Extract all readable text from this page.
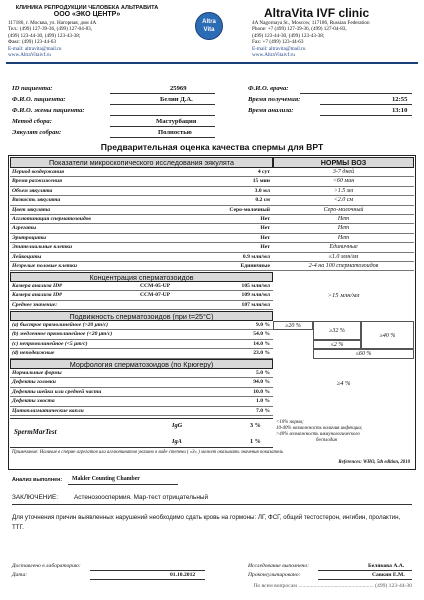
КЛИНИКА РЕПРОДУКЦИИ ЧЕЛОВЕКА АЛЬТРАВИТА
ООО «ЭКО ЦЕНТР»
117186, г. Москва, ул. Нагорная, дом 4А
Тел.: (499) 127-39-36, (499) 127-04-83,
(499) 123-44-30, (499) 123-43-38;
Факс: (499) 123-44-63
E-mail: altravita@mail.ru
www.AltraVitaivf.ru
Altra
Vita
AltraVita IVF clinic
4A Nagornaya St., Moscow, 117186, Russian Federation
Phone: +7 (499) 127-39-36, (499) 127-04-83,
(499) 123-44-30, (499) 123-43-38;
Fax: +7 (499) 123-44-63
E-mail: altravita@mail.ru
www.AltraVitaivf.ru
ID пациента:	25969
Ф.И.О. пациента:	Белин Д.А.
Ф.И.О. жены пациента:
Метод сбора:	Мастурбация
Эякулят собран:	Полностью
Ф.И.О. врача:
Время получения:	12:55
Время анализа:	13:10
Предварительная оценка качества спермы для ВРТ
Показатели микроскопического исследования эякулята	НОРМЫ ВОЗ
Период воздержания	4 сут	3-7 дней
Время разжижения	15 мин	<60 мин
Объем эякулята	3.0 мл	>1.5 мл
Вязкость эякулята	0.2 см	<2.0 см
Цвет эякулята	Серо-молочный	Серо-молочный
Агглютинация сперматозоидов	Нет	Нет
Агрегаты	Нет	Нет
Эритроциты	Нет	Нет
Эпителиальные клетки	Нет	Единичные
Лейкоциты	0.9 млн/мл	≤1.0 млн/мл
Незрелые половые клетки	Единичные	2-4 на 100 сперматозоидов
Концентрация сперматозоидов
Камера анализа ID#	CCM-05-UP	105 млн/мл
Камера анализа ID#	CCM-07-UP	109 млн/мл
Среднее значение:	107 млн/мл
>15 млн/мл
Подвижность сперматозоидов (при t=25°C)
(a) быстрое прямолинейное (>20 μm/c)	9.0 %
(b) медленное прямолинейное (<20 μm/c)	54.0 %
(c) непрямолинейное (<5 μm/c)	14.0 %
(d) неподвижные	23.0 %
≥20 %
≥32 %
≥40 %
≤2 %
≤60 %
Морфология сперматозоидов (по Крюгеру)
Нормальные формы	5.0 %
Дефекты головки	94.0 %
Дефекты шейки или средней части	10.0 %
Дефекты хвоста	1.0 %
Цитоплазматические капли	7.0 %
≥4 %
SpermMarTest
IgG	3 %
IgA	1 %
<10% норма;
10-40% возможность наличия инфекции;
>40% возможность иммунологического
бесплодия
Примечание: Наличие в сперме агрегатов или агглютинатов указано в виде степени ( «З» ) может оказывать значения показатель
References: WHO, 5th edition, 2010
Анализ выполнен: Makler Counting Chamber
ЗАКЛЮЧЕНИЕ: Астенозооспермия. Мар-тест отрицательный
Для уточнения причин выявленных нарушений необходимо сдать кровь на гормоны: ЛГ, ФСГ, общий тестостерон, ингибин, пролактин, ТТГ.
Доставлено в лабораторию:
Дата:	01.10.2012
Исследование выполнено:	Белякова А.А.
Проконсультировано:	Савкин Е.М.
По всем вопросам ...................................................... (499) 123-44-30
